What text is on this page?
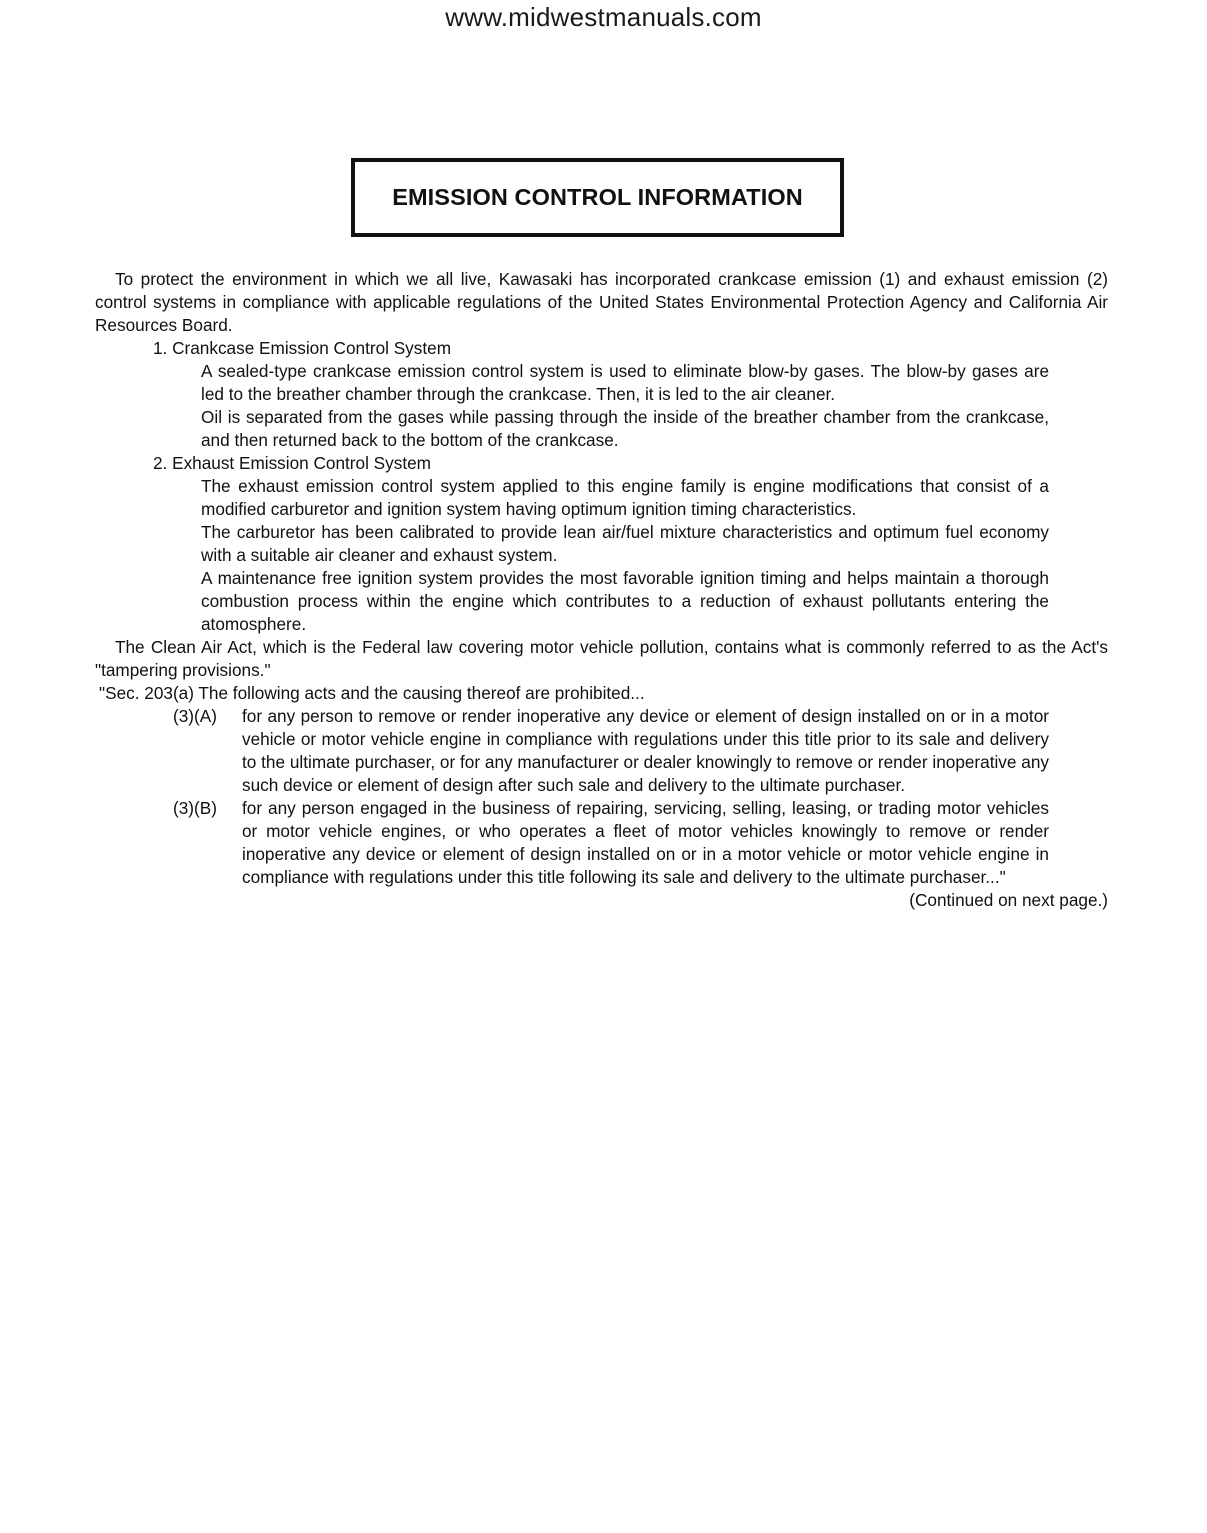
www.midwestmanuals.com
EMISSION CONTROL INFORMATION

To protect the environment in which we all live, Kawasaki has incorporated crankcase emission (1) and exhaust emission (2) control systems in compliance with applicable regulations of the United States Environmental Protection Agency and California Air Resources Board.

1. Crankcase Emission Control System

A sealed-type crankcase emission control system is used to eliminate blow-by gases. The blow-by gases are led to the breather chamber through the crankcase. Then, it is led to the air cleaner.

Oil is separated from the gases while passing through the inside of the breather chamber from the crankcase, and then returned back to the bottom of the crankcase.

2. Exhaust Emission Control System

The exhaust emission control system applied to this engine family is engine modifications that consist of a modified carburetor and ignition system having optimum ignition timing characteristics.

The carburetor has been calibrated to provide lean air/fuel mixture characteristics and optimum fuel economy with a suitable air cleaner and exhaust system.

A maintenance free ignition system provides the most favorable ignition timing and helps maintain a thorough combustion process within the engine which contributes to a reduction of exhaust pollutants entering the atomosphere.

The Clean Air Act, which is the Federal law covering motor vehicle pollution, contains what is commonly referred to as the Act's "tampering provisions."

"Sec. 203(a) The following acts and the causing thereof are prohibited...

(3)(A)	for any person to remove or render inoperative any device or element of design installed on or in a motor vehicle or motor vehicle engine in compliance with regulations under this title prior to its sale and delivery to the ultimate purchaser, or for any manufacturer or dealer knowingly to remove or render inoperative any such device or element of design after such sale and delivery to the ultimate purchaser.
(3)(B)	for any person engaged in the business of repairing, servicing, selling, leasing, or trading motor vehicles or motor vehicle engines, or who operates a fleet of motor vehicles knowingly to remove or render inoperative any device or element of design installed on or in a motor vehicle or motor vehicle engine in compliance with regulations under this title following its sale and delivery to the ultimate purchaser..."

(Continued on next page.)
